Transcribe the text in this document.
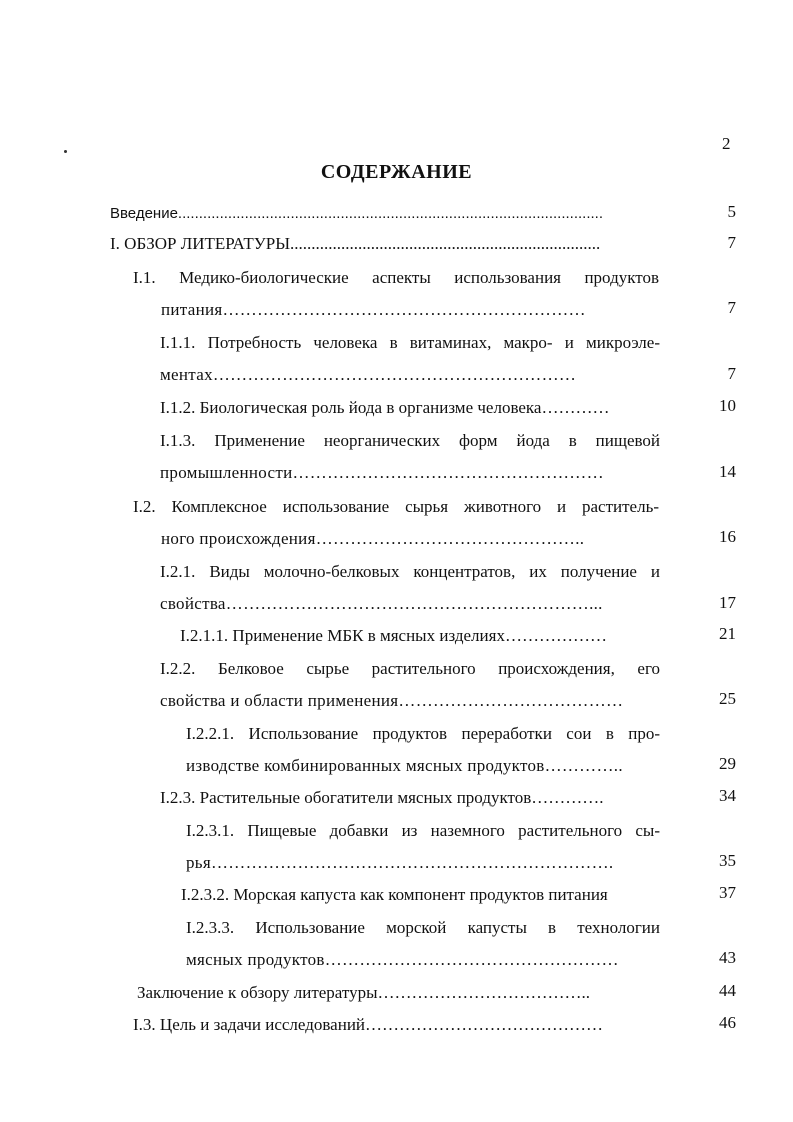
2
СОДЕРЖАНИЕ
Введение......................................................................................................	5
I. ОБЗОР ЛИТЕРАТУРЫ.........................................................................	7
I.1. Медико-биологические аспекты использования продуктов
питания………………………………………………………	7
I.1.1. Потребность человека в витаминах, макро- и микроэле-
ментах………………………………………………………	7
I.1.2. Биологическая роль йода в организме человека…………	10
I.1.3. Применение неорганических форм йода в пищевой
промышленности………………………………………………	14
I.2. Комплексное использование сырья животного и раститель-
ного происхождения………………………………………..	16
I.2.1. Виды молочно-белковых концентратов, их получение и
свойства………………………………………………………...	17
I.2.1.1. Применение МБК в мясных изделиях………………	21
I.2.2. Белковое сырье растительного происхождения, его
свойства и области применения…………………………………	25
I.2.2.1. Использование продуктов переработки сои в про-
изводстве комбинированных мясных продуктов…………..	29
I.2.3. Растительные обогатители мясных продуктов………….	34
I.2.3.1. Пищевые добавки из наземного растительного сы-
рья…………………………………………………………….	35
I.2.3.2. Морская капуста как компонент продуктов питания	37
I.2.3.3. Использование морской капусты в технологии
мясных продуктов……………………………………………	43
Заключение к обзору литературы………………………………..	44
I.3. Цель и задачи исследований……………………………………	46
